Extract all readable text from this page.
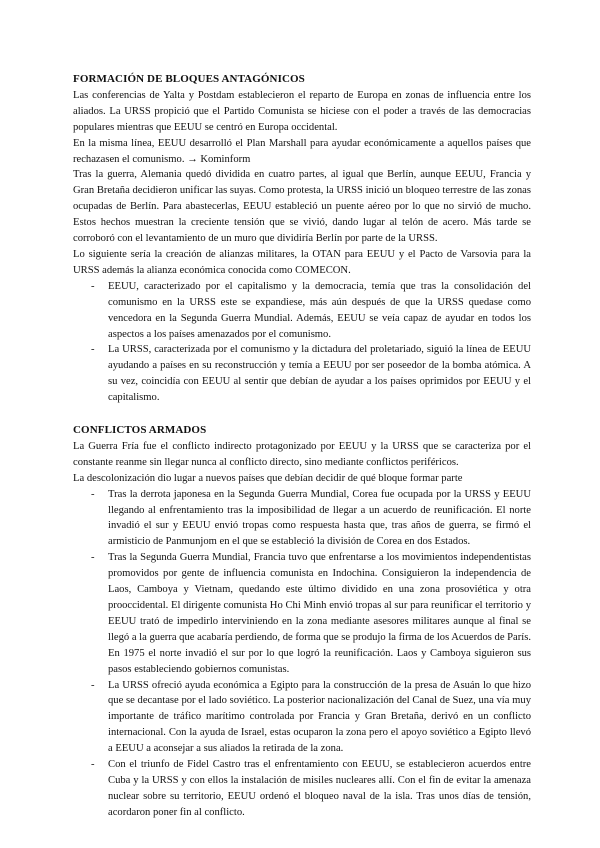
FORMACIÓN DE BLOQUES ANTAGÓNICOS

Las conferencias de Yalta y Postdam establecieron el reparto de Europa en zonas de influencia entre los aliados. La URSS propició que el Partido Comunista se hiciese con el poder a través de las democracias populares mientras que EEUU se centró en Europa occidental.

En la misma línea, EEUU desarrolló el Plan Marshall para ayudar económicamente a aquellos países que rechazasen el comunismo. → Kominform

Tras la guerra, Alemania quedó dividida en cuatro partes, al igual que Berlín, aunque EEUU, Francia y Gran Bretaña decidieron unificar las suyas. Como protesta, la URSS inició un bloqueo terrestre de las zonas ocupadas de Berlín. Para abastecerlas, EEUU estableció un puente aéreo por lo que no sirvió de mucho. Estos hechos muestran la creciente tensión que se vivió, dando lugar al telón de acero. Más tarde se corroboró con el levantamiento de un muro que dividiría Berlín por parte de la URSS.

Lo siguiente sería la creación de alianzas militares, la OTAN para EEUU y el Pacto de Varsovia para la URSS además la alianza económica conocida como COMECON.

- EEUU, caracterizado por el capitalismo y la democracia, temía que tras la consolidación del comunismo en la URSS este se expandiese, más aún después de que la URSS quedase como vencedora en la Segunda Guerra Mundial. Además, EEUU se veía capaz de ayudar en todos los aspectos a los países amenazados por el comunismo.
- La URSS, caracterizada por el comunismo y la dictadura del proletariado, siguió la línea de EEUU ayudando a países en su reconstrucción y temía a EEUU por ser poseedor de la bomba atómica. A su vez, coincidía con EEUU al sentir que debían de ayudar a los países oprimidos por EEUU y el capitalismo.

CONFLICTOS ARMADOS

La Guerra Fría fue el conflicto indirecto protagonizado por EEUU y la URSS que se caracteriza por el constante reanme sin llegar nunca al conflicto directo, sino mediante conflictos periféricos.

La descolonización dio lugar a nuevos países que debían decidir de qué bloque formar parte

- Tras la derrota japonesa en la Segunda Guerra Mundial, Corea fue ocupada por la URSS y EEUU llegando al enfrentamiento tras la imposibilidad de llegar a un acuerdo de reunificación. El norte invadió el sur y EEUU envió tropas como respuesta hasta que, tras años de guerra, se firmó el armisticio de Panmunjom en el que se estableció la división de Corea en dos Estados.
- Tras la Segunda Guerra Mundial, Francia tuvo que enfrentarse a los movimientos independentistas promovidos por gente de influencia comunista en Indochina. Consiguieron la independencia de Laos, Camboya y Vietnam, quedando este último dividido en una zona prosoviética y otra prooccidental. El dirigente comunista Ho Chi Minh envió tropas al sur para reunificar el territorio y EEUU trató de impedirlo interviniendo en la zona mediante asesores militares aunque al final se llegó a la guerra que acabaría perdiendo, de forma que se produjo la firma de los Acuerdos de París. En 1975 el norte invadió el sur por lo que logró la reunificación. Laos y Camboya siguieron sus pasos estableciendo gobiernos comunistas.
- La URSS ofreció ayuda económica a Egipto para la construcción de la presa de Asuán lo que hizo que se decantase por el lado soviético. La posterior nacionalización del Canal de Suez, una vía muy importante de tráfico marítimo controlada por Francia y Gran Bretaña, derivó en un conflicto internacional. Con la ayuda de Israel, estas ocuparon la zona pero el apoyo soviético a Egipto llevó a EEUU a aconsejar a sus aliados la retirada de la zona.
- Con el triunfo de Fidel Castro tras el enfrentamiento con EEUU, se establecieron acuerdos entre Cuba y la URSS y con ellos la instalación de misiles nucleares allí. Con el fin de evitar la amenaza nuclear sobre su territorio, EEUU ordenó el bloqueo naval de la isla. Tras unos días de tensión, acordaron poner fin al conflicto.
